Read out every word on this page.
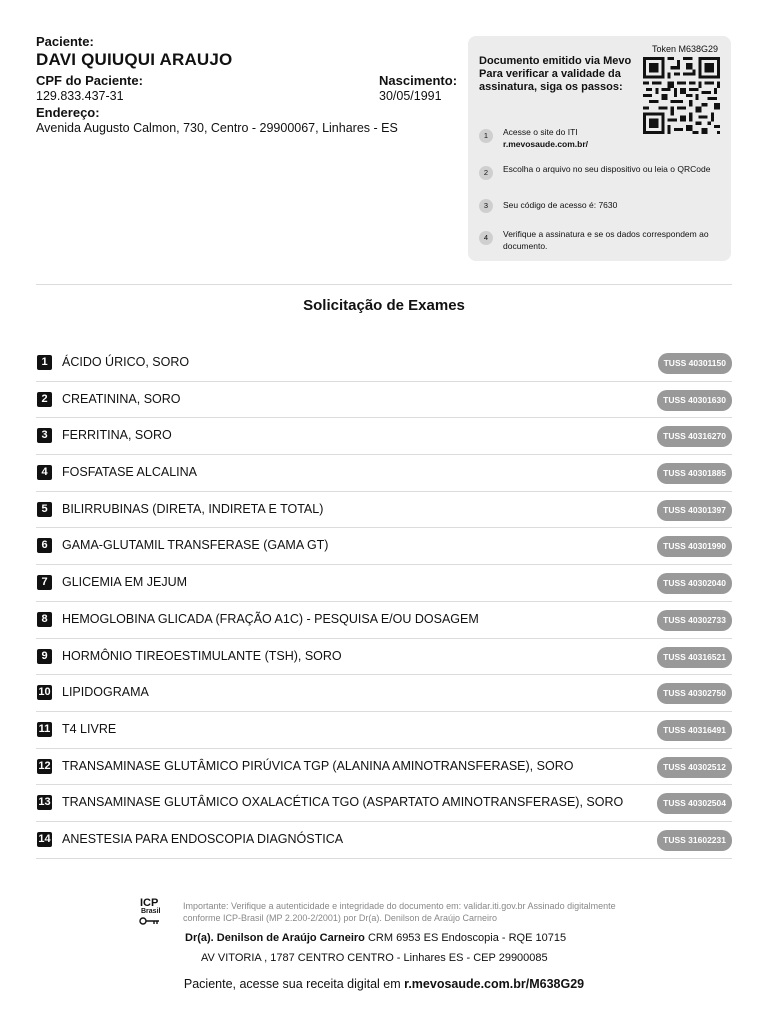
Paciente:
DAVI QUIUQUI ARAUJO
CPF do Paciente:
129.833.437-31
Nascimento:
30/05/1991
Endereço:
Avenida Augusto Calmon, 730, Centro - 29900067, Linhares - ES
Token M638G29
Documento emitido via Mevo Para verificar a validade da assinatura, siga os passos:
1	Acesse o site do ITI
r.mevosaude.com.br/
2	Escolha o arquivo no seu dispositivo ou leia o QRCode
3	Seu código de acesso é: 7630
4	Verifique a assinatura e se os dados correspondem ao documento.
Solicitação de Exames
1	ÁCIDO ÚRICO, SORO	TUSS 40301150
2	CREATININA, SORO	TUSS 40301630
3	FERRITINA, SORO	TUSS 40316270
4	FOSFATASE ALCALINA	TUSS 40301885
5	BILIRRUBINAS (DIRETA, INDIRETA E TOTAL)	TUSS 40301397
6	GAMA-GLUTAMIL TRANSFERASE (GAMA GT)	TUSS 40301990
7	GLICEMIA EM JEJUM	TUSS 40302040
8	HEMOGLOBINA GLICADA (FRAÇÃO A1C) - PESQUISA E/OU DOSAGEM	TUSS 40302733
9	HORMÔNIO TIREOESTIMULANTE (TSH), SORO	TUSS 40316521
10 LIPIDOGRAMA	TUSS 40302750
11 T4 LIVRE	TUSS 40316491
12 TRANSAMINASE GLUTÂMICO PIRÚVICA TGP (ALANINA AMINOTRANSFERASE), SORO	TUSS 40302512
13 TRANSAMINASE GLUTÂMICO OXALACÉTICA TGO (ASPARTATO AMINOTRANSFERASE), SORO	TUSS 40302504
14 ANESTESIA PARA ENDOSCOPIA DIAGNÓSTICA	TUSS 31602231
ICP
Brasil
Importante: Verifique a autenticidade e integridade do documento em: validar.iti.gov.br Assinado digitalmente conforme ICP-Brasil (MP 2.200-2/2001) por Dr(a). Denilson de Araújo Carneiro
Dr(a). Denilson de Araújo Carneiro CRM 6953 ES Endoscopia - RQE 10715
AV VITORIA , 1787 CENTRO CENTRO - Linhares ES - CEP 29900085
Paciente, acesse sua receita digital em r.mevosaude.com.br/M638G29
